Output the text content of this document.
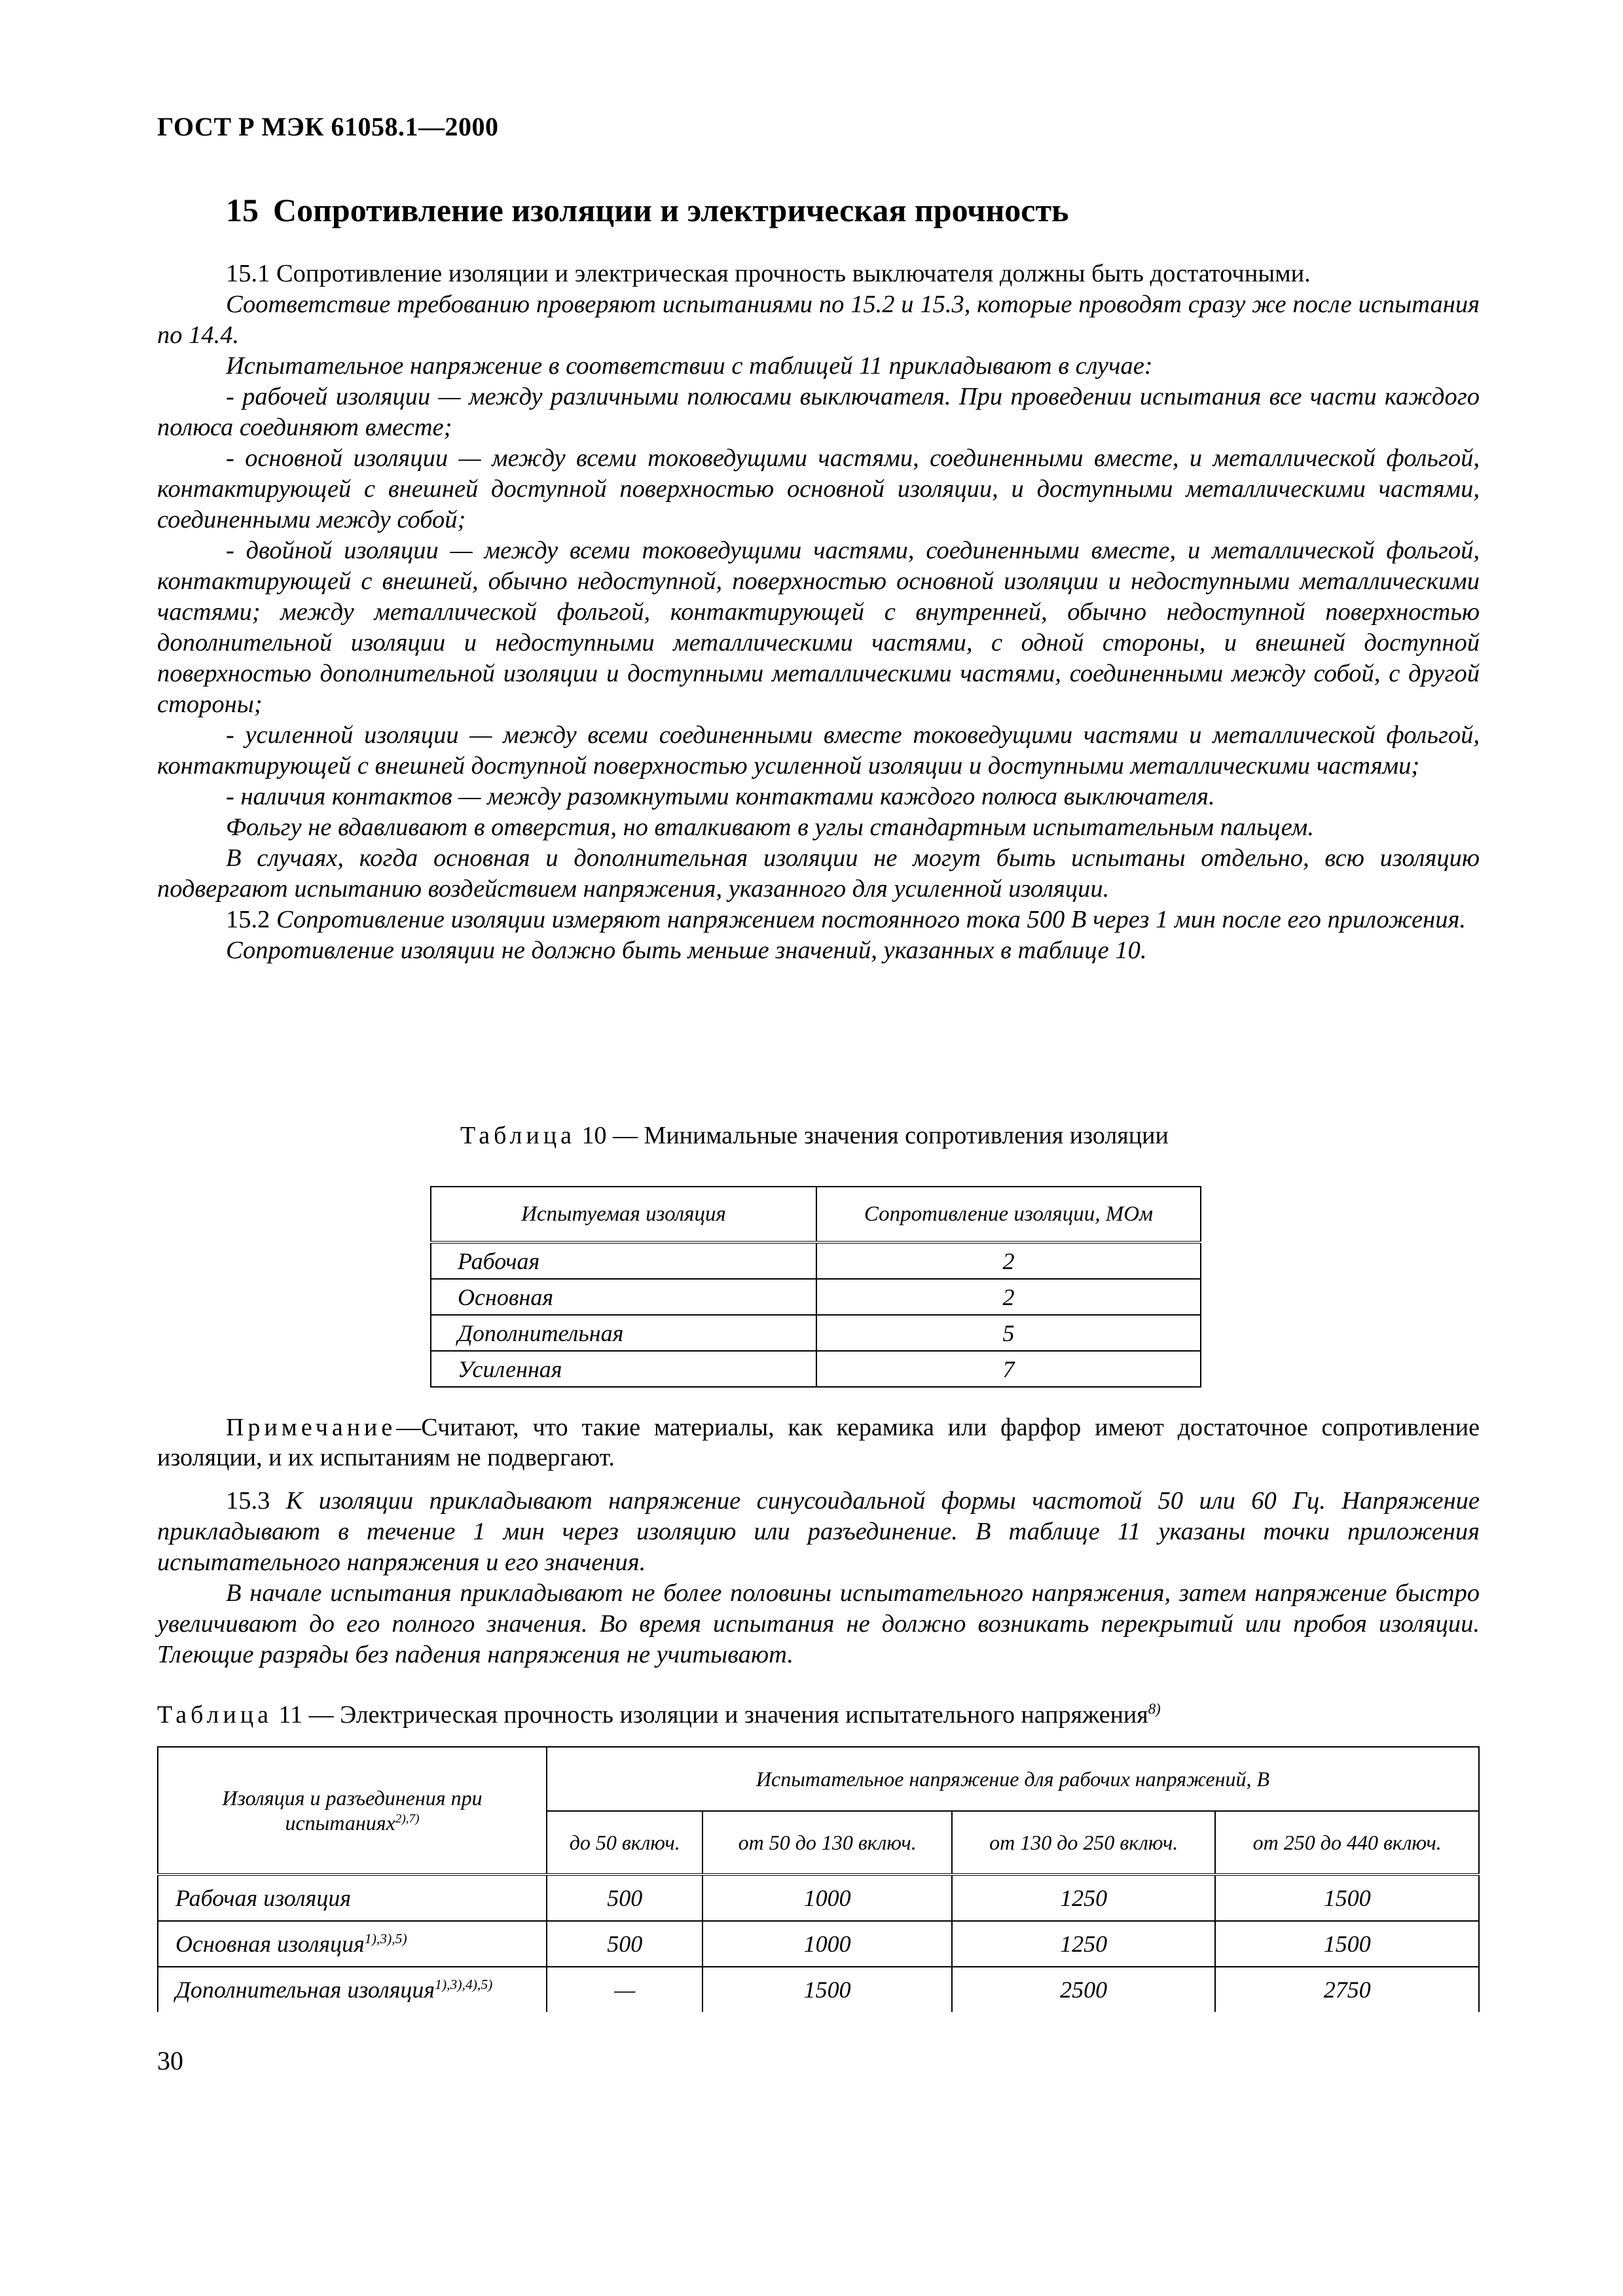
ГОСТ Р МЭК 61058.1—2000
15 Сопротивление изоляции и электрическая прочность

15.1 Сопротивление изоляции и электрическая прочность выключателя должны быть достаточными.

Соответствие требованию проверяют испытаниями по 15.2 и 15.3, которые проводят сразу же после испытания по 14.4.

Испытательное напряжение в соответствии с таблицей 11 прикладывают в случае:

- рабочей изоляции — между различными полюсами выключателя. При проведении испытания все части каждого полюса соединяют вместе;

- основной изоляции — между всеми токоведущими частями, соединенными вместе, и металлической фольгой, контактирующей с внешней доступной поверхностью основной изоляции, и доступными металлическими частями, соединенными между собой;

- двойной изоляции — между всеми токоведущими частями, соединенными вместе, и металлической фольгой, контактирующей с внешней, обычно недоступной, поверхностью основной изоляции и недоступными металлическими частями; между металлической фольгой, контактирующей с внутренней, обычно недоступной поверхностью дополнительной изоляции и недоступными металлическими частями, с одной стороны, и внешней доступной поверхностью дополнительной изоляции и доступными металлическими частями, соединенными между собой, с другой стороны;

- усиленной изоляции — между всеми соединенными вместе токоведущими частями и металлической фольгой, контактирующей с внешней доступной поверхностью усиленной изоляции и доступными металлическими частями;

- наличия контактов — между разомкнутыми контактами каждого полюса выключателя.

Фольгу не вдавливают в отверстия, но вталкивают в углы стандартным испытательным пальцем.

В случаях, когда основная и дополнительная изоляции не могут быть испытаны отдельно, всю изоляцию подвергают испытанию воздействием напряжения, указанного для усиленной изоляции.

15.2 Сопротивление изоляции измеряют напряжением постоянного тока 500 В через 1 мин после его приложения.

Сопротивление изоляции не должно быть меньше значений, указанных в таблице 10.

Таблица 10 — Минимальные значения сопротивления изоляции
Испытуемая изоляция	Сопротивление изоляции, МОм
Рабочая	2
Основная	2
Дополнительная	5
Усиленная	7
Примечание—Считают, что такие материалы, как керамика или фарфор имеют достаточное сопротивление изоляции, и их испытаниям не подвергают.

15.3 К изоляции прикладывают напряжение синусоидальной формы частотой 50 или 60 Гц. Напряжение прикладывают в течение 1 мин через изоляцию или разъединение. В таблице 11 указаны точки приложения испытательного напряжения и его значения.

В начале испытания прикладывают не более половины испытательного напряжения, затем напряжение быстро увеличивают до его полного значения. Во время испытания не должно возникать перекрытий или пробоя изоляции. Тлеющие разряды без падения напряжения не учитывают.

Таблица 11 — Электрическая прочность изоляции и значения испытательного напряжения$^{8)}$
Изоляция и разъединения при испытаниях$^{2),7)}$	Испытательное напряжение для рабочих напряжений, В			
	до 50 включ.	от 50 до 130 включ.	от 130 до 250 включ.	от 250 до 440 включ.
Рабочая изоляция	500	1000	1250	1500
Основная изоляция$^{1),3),5)}$	500	1000	1250	1500
Дополнительная изоляция$^{1),3),4),5)}$	—	1500	2500	2750
30
